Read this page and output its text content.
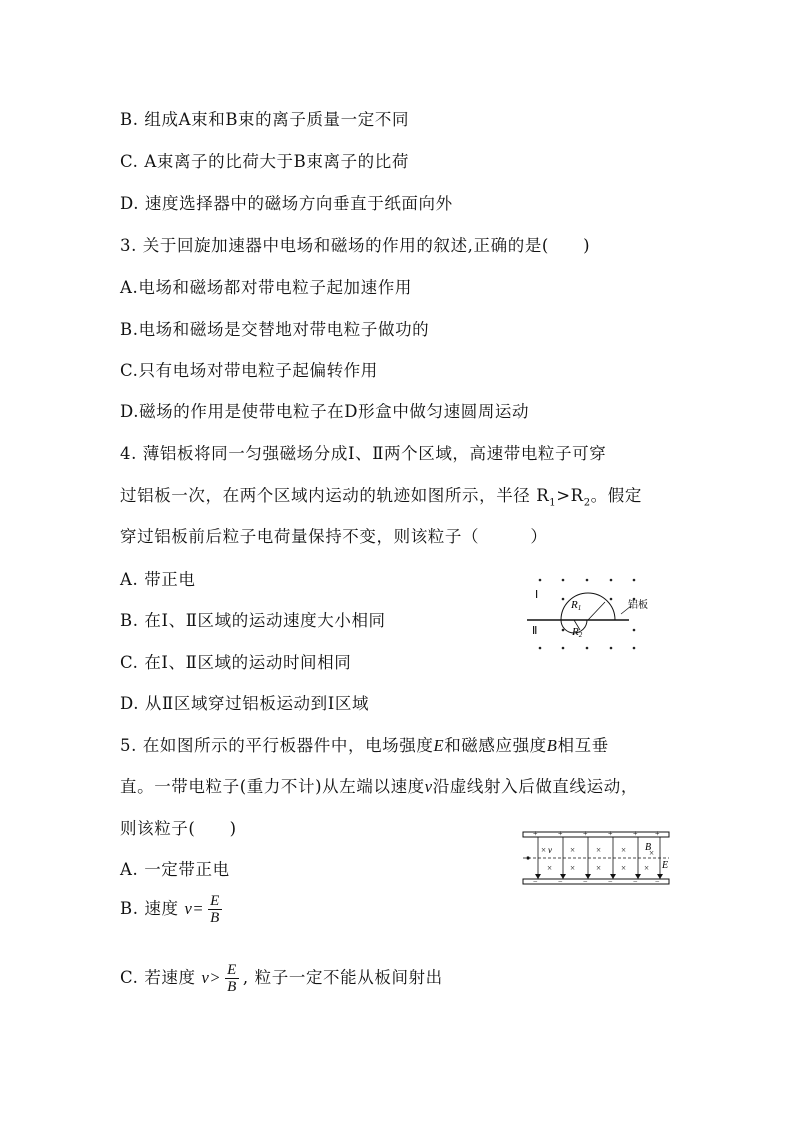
B. 组成A束和B束的离子质量一定不同
C. A束离子的比荷大于B束离子的比荷
D. 速度选择器中的磁场方向垂直于纸面向外
3. 关于回旋加速器中电场和磁场的作用的叙述,正确的是(　　)
A.电场和磁场都对带电粒子起加速作用
B.电场和磁场是交替地对带电粒子做功的
C.只有电场对带电粒子起偏转作用
D.磁场的作用是使带电粒子在D形盒中做匀速圆周运动
4. 薄铝板将同一匀强磁场分成Ⅰ、Ⅱ两个区域，高速带电粒子可穿
过铝板一次，在两个区域内运动的轨迹如图所示，半径 $R_1>R_2$。假定
穿过铝板前后粒子电荷量保持不变，则该粒子（　　　）
A. 带正电
B. 在Ⅰ、Ⅱ区域的运动速度大小相同
C. 在Ⅰ、Ⅱ区域的运动时间相同
D. 从Ⅱ区域穿过铝板运动到Ⅰ区域
5. 在如图所示的平行板器件中，电场强度E和磁感应强度B相互垂
直。一带电粒子(重力不计)从左端以速度v沿虚线射入后做直线运动，
则该粒子(　　)
A. 一定带正电
B. 速度 $v= \frac{E}{B}$
C. 若速度 $v> \frac{E}{B}$ , 粒子一定不能从板间射出
Ⅰ
Ⅱ
R1
R2
铝板
+	+	+	+	+ +
−	−	−	−	− −
×	× × ×
× × × × ×
×
v	B
E
